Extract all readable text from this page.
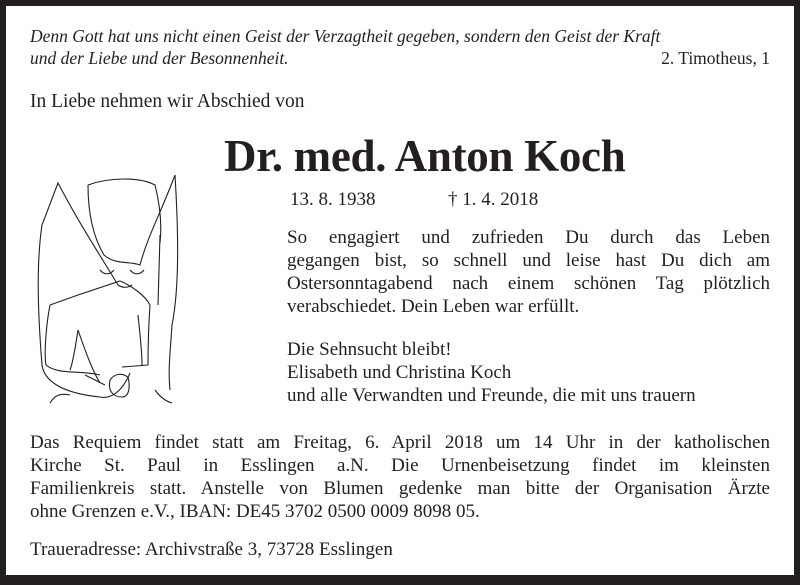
Denn Gott hat uns nicht einen Geist der Verzagtheit gegeben, sondern den Geist der Kraft
und der Liebe und der Besonnenheit.	2. Timotheus, 1
In Liebe nehmen wir Abschied von
Dr. med. Anton Koch
13. 8. 1938	† 1. 4. 2018
So engagiert und zufrieden Du durch das Leben
gegangen bist, so schnell und leise hast Du dich am
Ostersonntagabend nach einem schönen Tag plötzlich
verabschiedet. Dein Leben war erfüllt.
Die Sehnsucht bleibt!
Elisabeth und Christina Koch
und alle Verwandten und Freunde, die mit uns trauern
Das Requiem findet statt am Freitag, 6. April 2018 um 14 Uhr in der katholischen
Kirche St. Paul in Esslingen a.N. Die Urnenbeisetzung findet im kleinsten
Familienkreis statt. Anstelle von Blumen gedenke man bitte der Organisation Ärzte
ohne Grenzen e.V., IBAN: DE45 3702 0500 0009 8098 05.
Traueradresse: Archivstraße 3, 73728 Esslingen
